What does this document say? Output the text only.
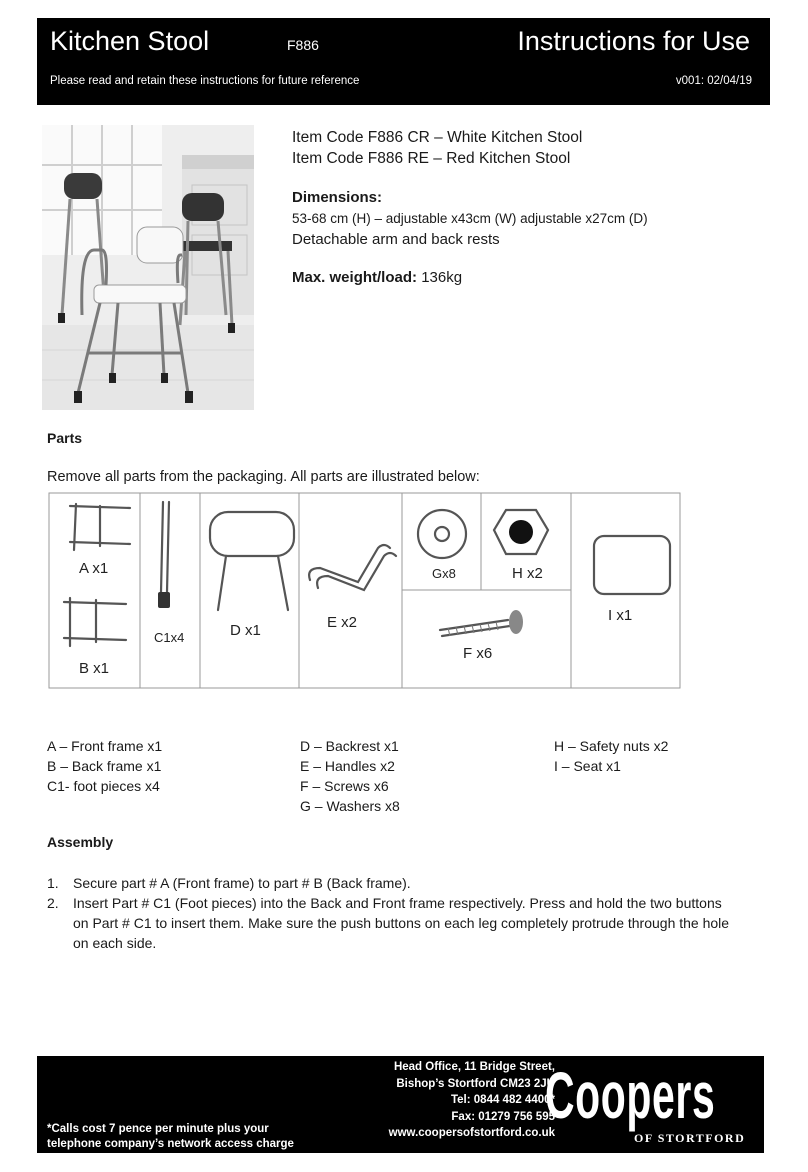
Kitchen Stool	F886	Instructions for Use
Please read and retain these instructions for future reference	v001: 02/04/19
Item Code F886 CR – White Kitchen Stool
Item Code F886 RE – Red Kitchen Stool
Dimensions:
53-68 cm (H) – adjustable x43cm (W) adjustable x27cm (D)
Detachable arm and back rests
Max. weight/load: 136kg
Parts
Remove all parts from the packaging. All parts are illustrated below:
A x1
B x1
C1x4	D x1	E x2
Gx8	H x2
F x6
I x1
A – Front frame x1
B – Back frame x1
C1- foot pieces x4
D – Backrest x1
E – Handles x2
F – Screws x6
G – Washers x8
H – Safety nuts x2
I – Seat x1
Assembly
1.	Secure part # A (Front frame) to part # B (Back frame).
2.	Insert Part # C1 (Foot pieces) into the Back and Front frame respectively. Press and hold the two buttons on Part # C1 to insert them. Make sure the push buttons on each leg completely protrude through the hole on each side.
Head Office, 11 Bridge Street,
Bishop’s Stortford CM23 2JU
Tel: 0844 482 4400*
Fax: 01279 756 595
www.coopersofstortford.co.uk
*Calls cost 7 pence per minute plus your
telephone company’s network access charge
Coopers
OF STORTFORD
